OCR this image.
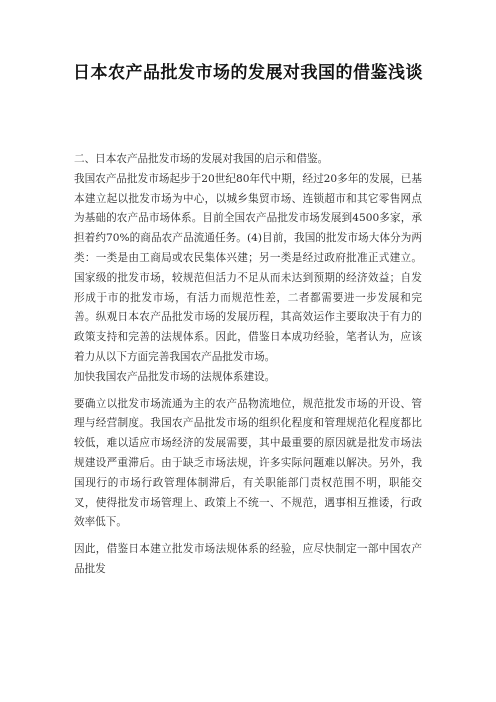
日本农产品批发市场的发展对我国的借鉴浅谈

二、日本农产品批发市场的发展对我国的启示和借鉴。

我国农产品批发市场起步于20世纪80年代中期，经过20多年的发展，已基本建立起以批发市场为中心，以城乡集贸市场、连锁超市和其它零售网点为基础的农产品市场体系。目前全国农产品批发市场发展到4500多家，承担着约70%的商品农产品流通任务。(4)目前，我国的批发市场大体分为两类：一类是由工商局或农民集体兴建；另一类是经过政府批准正式建立。国家级的批发市场，较规范但活力不足从而未达到预期的经济效益；自发形成于市的批发市场，有活力而规范性差，二者都需要进一步发展和完善。纵观日本农产品批发市场的发展历程，其高效运作主要取决于有力的政策支持和完善的法规体系。因此，借鉴日本成功经验，笔者认为，应该着力从以下方面完善我国农产品批发市场。

加快我国农产品批发市场的法规体系建设。

要确立以批发市场流通为主的农产品物流地位，规范批发市场的开设、管理与经营制度。我国农产品批发市场的组织化程度和管理规范化程度都比较低，难以适应市场经济的发展需要，其中最重要的原因就是批发市场法规建设严重滞后。由于缺乏市场法规，许多实际问题难以解决。另外，我国现行的市场行政管理体制滞后，有关职能部门责权范围不明，职能交叉，使得批发市场管理上、政策上不统一、不规范，遇事相互推诿，行政效率低下。

因此，借鉴日本建立批发市场法规体系的经验，应尽快制定一部中国农产品批发
